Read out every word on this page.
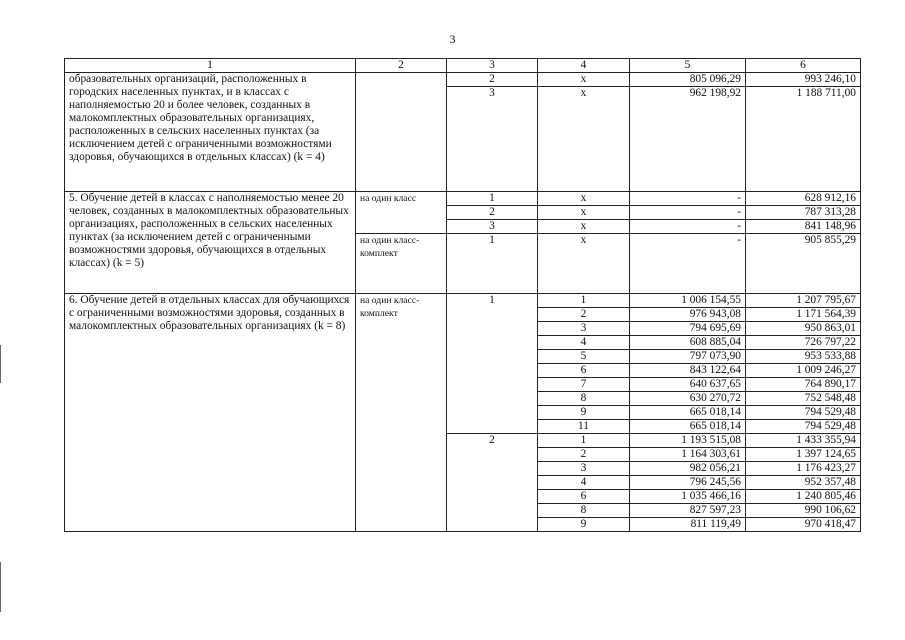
3
1	2	3	4	5	6
образовательных организаций, расположенных в городских населенных пунктах, и в классах с наполняемостью 20 и более человек, созданных в малокомплектных образовательных организациях, расположенных в сельских населенных пунктах (за исключением детей с ограниченными возможностями здоровья, обучающихся в отдельных классах) (k = 4)		2	х	805 096,29	993 246,10
		3	х	962 198,92	1 188 711,00
5. Обучение детей в классах с наполняемостью менее 20 человек, созданных в малокомплектных образовательных организациях, расположенных в сельских населенных пунктах (за исключением детей с ограниченными возможностями здоровья, обучающихся в отдельных классах) (k = 5)	на один класс	1	х	-	628 912,16
		2	х	-	787 313,28
		3	х	-	841 148,96
	на один класс-комплект	1	х	-	905 855,29
6. Обучение детей в отдельных классах для обучающихся с ограниченными возможностями здоровья, созданных в малокомплектных образовательных организациях (k = 8)	на один класс-комплект	1	1	1 006 154,55	1 207 795,67
			2	976 943,08	1 171 564,39
			3	794 695,69	950 863,01
			4	608 885,04	726 797,22
			5	797 073,90	953 533,88
			6	843 122,64	1 009 246,27
			7	640 637,65	764 890,17
			8	630 270,72	752 548,48
			9	665 018,14	794 529,48
			11	665 018,14	794 529,48
		2	1	1 193 515,08	1 433 355,94
			2	1 164 303,61	1 397 124,65
			3	982 056,21	1 176 423,27
			4	796 245,56	952 357,48
			6	1 035 466,16	1 240 805,46
			8	827 597,23	990 106,62
			9	811 119,49	970 418,47
